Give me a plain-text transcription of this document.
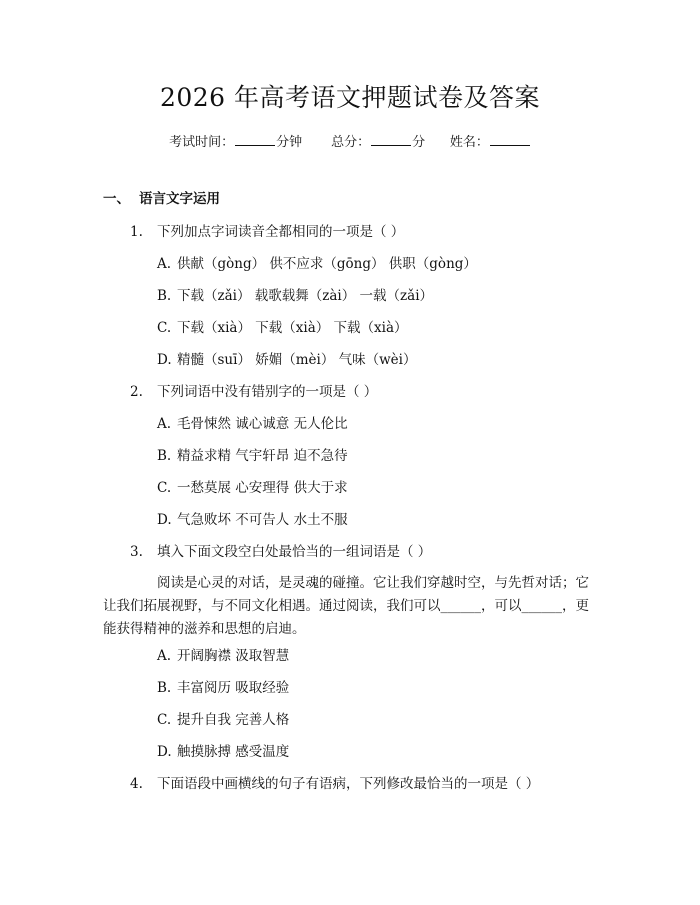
2026 年高考语文押题试卷及答案
考试时间：	分钟 总分：	分 姓名：
一、 语言文字运用
1. 下列加点字词读音全都相同的一项是（ ）
A. 供献（gòng） 供不应求（gōng） 供职（gòng）
B. 下载（zǎi） 载歌载舞（zài） 一载（zǎi）
C. 下载（xià） 下载（xià） 下载（xià）
D. 精髓（suī） 娇媚（mèi） 气味（wèi）
2. 下列词语中没有错别字的一项是（ ）
A. 毛骨悚然 诚心诚意 无人伦比
B. 精益求精 气宇轩昂 迫不急待
C. 一愁莫展 心安理得 供大于求
D. 气急败坏 不可告人 水土不服
3. 填入下面文段空白处最恰当的一组词语是（ ）
阅读是心灵的对话，是灵魂的碰撞。它让我们穿越时空，与先哲对话；它让我们拓展视野，与不同文化相遇。通过阅读，我们可以______，可以______，更能获得精神的滋养和思想的启迪。
A. 开阔胸襟 汲取智慧
B. 丰富阅历 吸取经验
C. 提升自我 完善人格
D. 触摸脉搏 感受温度
4. 下面语段中画横线的句子有语病，下列修改最恰当的一项是（ ）
